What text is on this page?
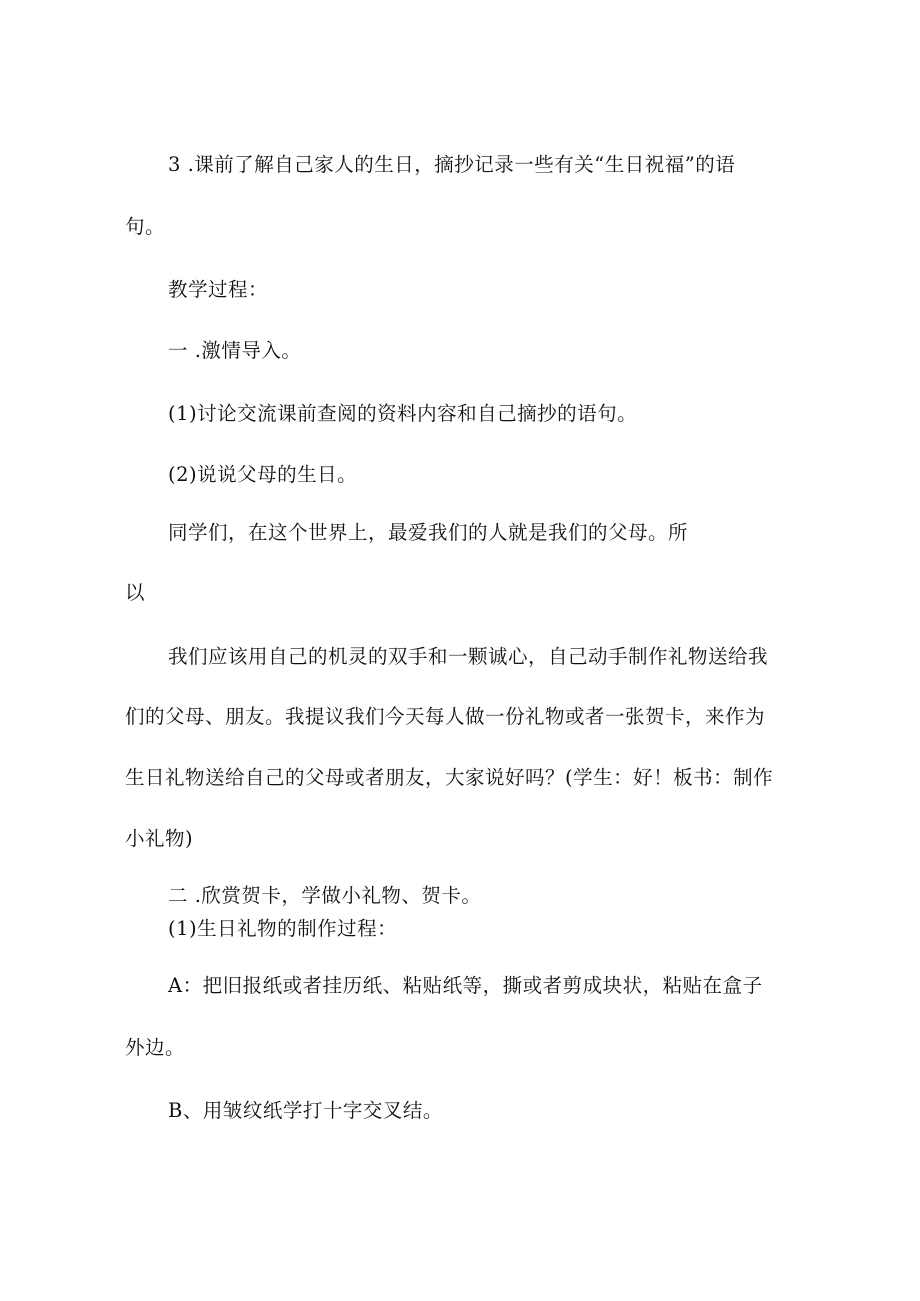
3 .课前了解自己家人的生日，摘抄记录一些有关“生日祝福”的语
句。
教学过程：
一 .激情导入。
(1)讨论交流课前查阅的资料内容和自己摘抄的语句。
(2)说说父母的生日。
同学们，在这个世界上，最爱我们的人就是我们的父母。所
以
我们应该用自己的机灵的双手和一颗诚心，自己动手制作礼物送给我
们的父母、朋友。我提议我们今天每人做一份礼物或者一张贺卡，来作为
生日礼物送给自己的父母或者朋友，大家说好吗？(学生：好！板书：制作
小礼物)
二 .欣赏贺卡，学做小礼物、贺卡。
(1)生日礼物的制作过程：
A：把旧报纸或者挂历纸、粘贴纸等，撕或者剪成块状，粘贴在盒子
外边。
B、用皱纹纸学打十字交叉结。
